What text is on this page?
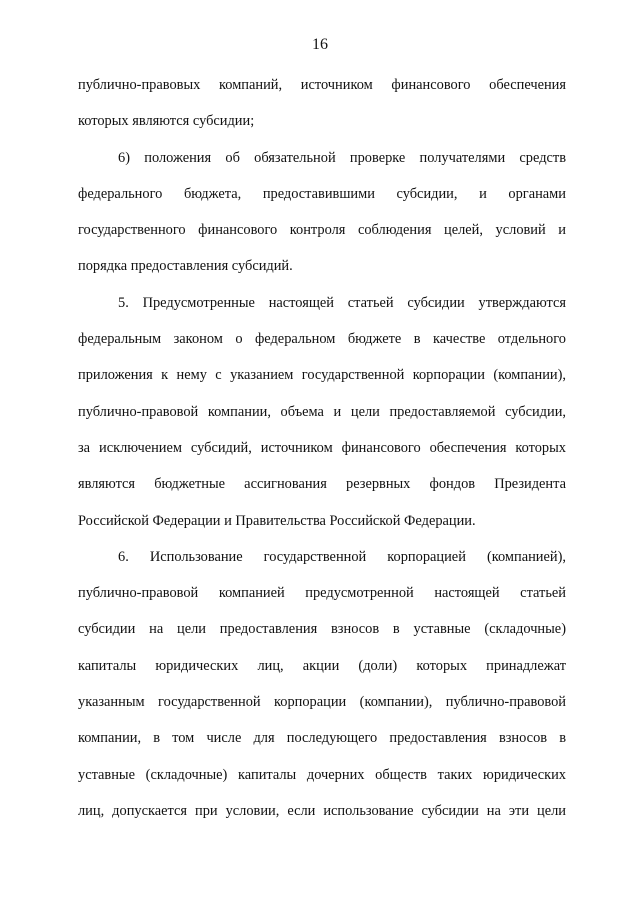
16
публично-правовых компаний, источником финансового обеспечения
которых являются субсидии;
6) положения об обязательной проверке получателями средств
федерального бюджета, предоставившими субсидии, и органами
государственного финансового контроля соблюдения целей, условий и
порядка предоставления субсидий.
5. Предусмотренные настоящей статьей субсидии утверждаются
федеральным законом о федеральном бюджете в качестве отдельного
приложения к нему с указанием государственной корпорации (компании),
публично-правовой компании, объема и цели предоставляемой субсидии,
за исключением субсидий, источником финансового обеспечения которых
являются бюджетные ассигнования резервных фондов Президента
Российской Федерации и Правительства Российской Федерации.
6. Использование государственной корпорацией (компанией),
публично-правовой компанией предусмотренной настоящей статьей
субсидии на цели предоставления взносов в уставные (складочные)
капиталы юридических лиц, акции (доли) которых принадлежат
указанным государственной корпорации (компании), публично-правовой
компании, в том числе для последующего предоставления взносов в
уставные (складочные) капиталы дочерних обществ таких юридических
лиц, допускается при условии, если использование субсидии на эти цели
